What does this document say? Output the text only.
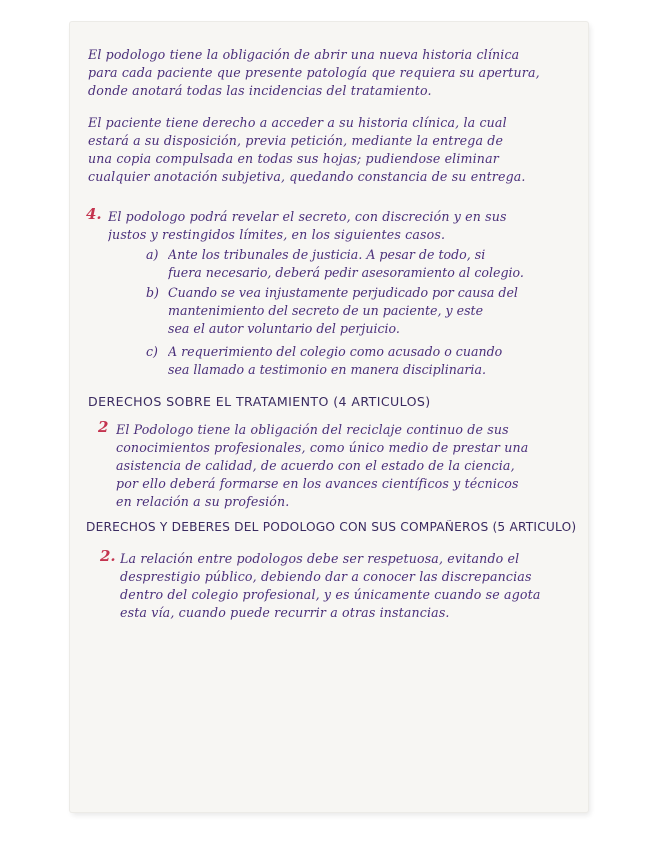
El podologo tiene la obligación de abrir una nueva historia clínica
para cada paciente que presente patología que requiera su apertura,
donde anotará todas las incidencias del tratamiento.
El paciente tiene derecho a acceder a su historia clínica, la cual
estará a su disposición, previa petición, mediante la entrega de
una copia compulsada en todas sus hojas; pudiendose eliminar
cualquier anotación subjetiva, quedando constancia de su entrega.
4. El podologo podrá revelar el secreto, con discreción y en sus
justos y restingidos límites, en los siguientes casos.
a) Ante los tribunales de justicia. A pesar de todo, si
fuera necesario, deberá pedir asesoramiento al colegio.
b) Cuando se vea injustamente perjudicado por causa del
mantenimiento del secreto de un paciente, y este
sea el autor voluntario del perjuicio.
c) A requerimiento del colegio como acusado o cuando
sea llamado a testimonio en manera disciplinaria.
DERECHOS SOBRE EL TRATAMIENTO (4 ARTICULOS)
2 El Podologo tiene la obligación del reciclaje continuo de sus
conocimientos profesionales, como único medio de prestar una
asistencia de calidad, de acuerdo con el estado de la ciencia,
por ello deberá formarse en los avances científicos y técnicos
en relación a su profesión.
DERECHOS Y DEBERES DEL PODOLOGO CON SUS COMPAÑEROS (5 ARTICULO)
2. La relación entre podologos debe ser respetuosa, evitando el
desprestigio público, debiendo dar a conocer las discrepancias
dentro del colegio profesional, y es únicamente cuando se agota
esta vía, cuando puede recurrir a otras instancias.
